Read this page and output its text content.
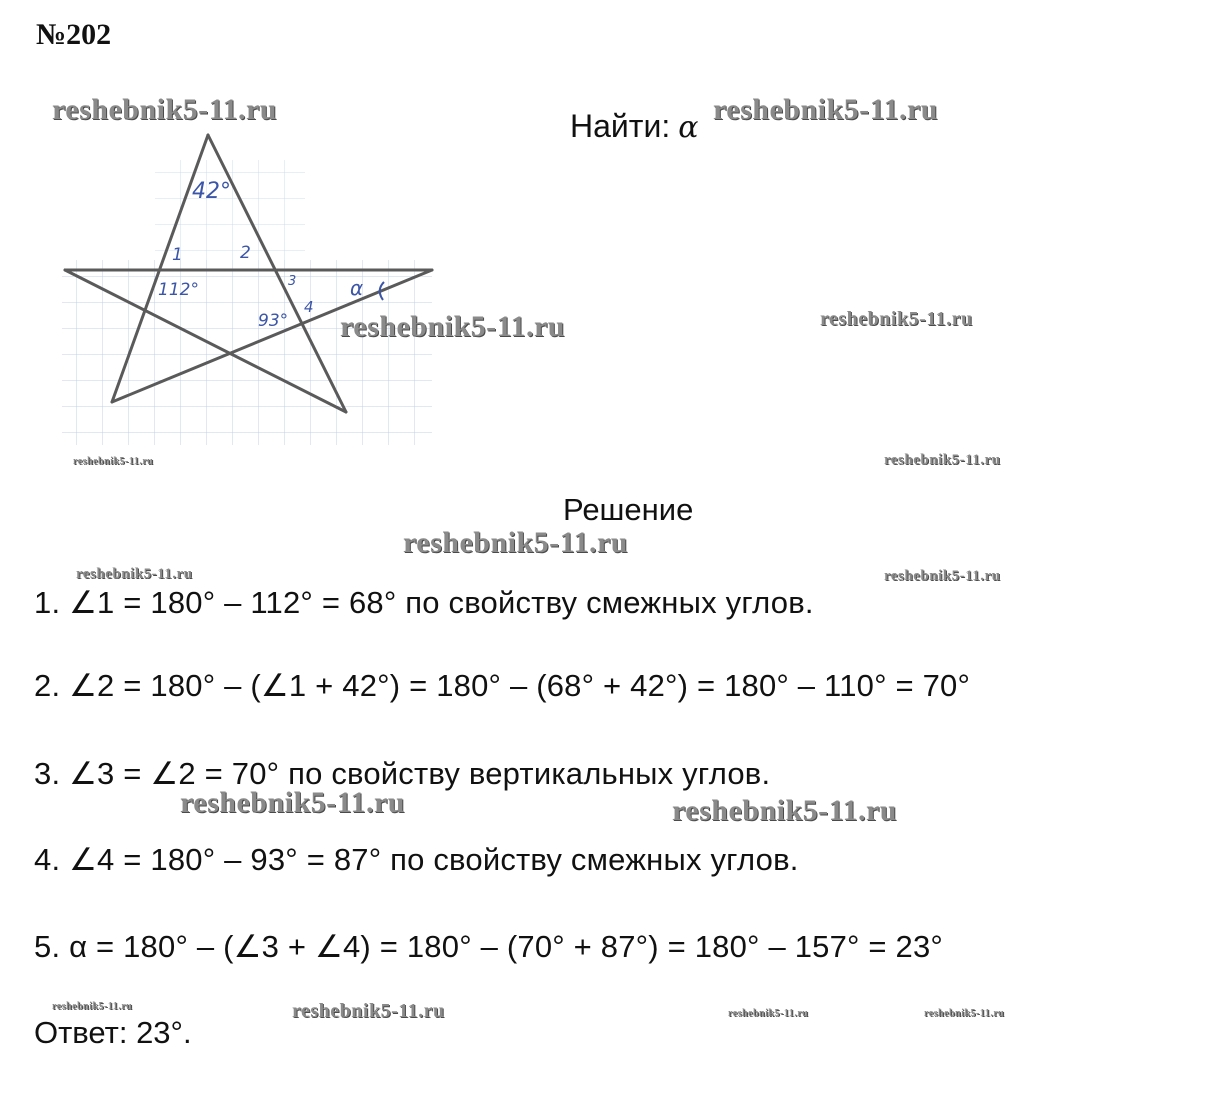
№202
42°
1	2
112°	3
4
93°
α
Найти: α
Решение
1. ∠1 = 180° – 112° = 68° по свойству смежных углов.
2. ∠2 = 180° – (∠1 + 42°) = 180° – (68° + 42°) = 180° – 110° = 70°
3. ∠3 = ∠2 = 70° по свойству вертикальных углов.
4. ∠4 = 180° – 93° = 87° по свойству смежных углов.
5. α = 180° – (∠3 + ∠4) = 180° – (70° + 87°) = 180° – 157° = 23°
Ответ: 23°.
reshebnik5-11.ru	reshebnik5-11.ru
reshebnik5-11.ru	reshebnik5-11.ru
reshebnik5-11.ru	reshebnik5-11.ru
reshebnik5-11.ru
reshebnik5-11.ru	reshebnik5-11.ru
reshebnik5-11.ru	reshebnik5-11.ru
reshebnik5-11.ru	reshebnik5-11.ru	reshebnik5-11.ru	reshebnik5-11.ru
